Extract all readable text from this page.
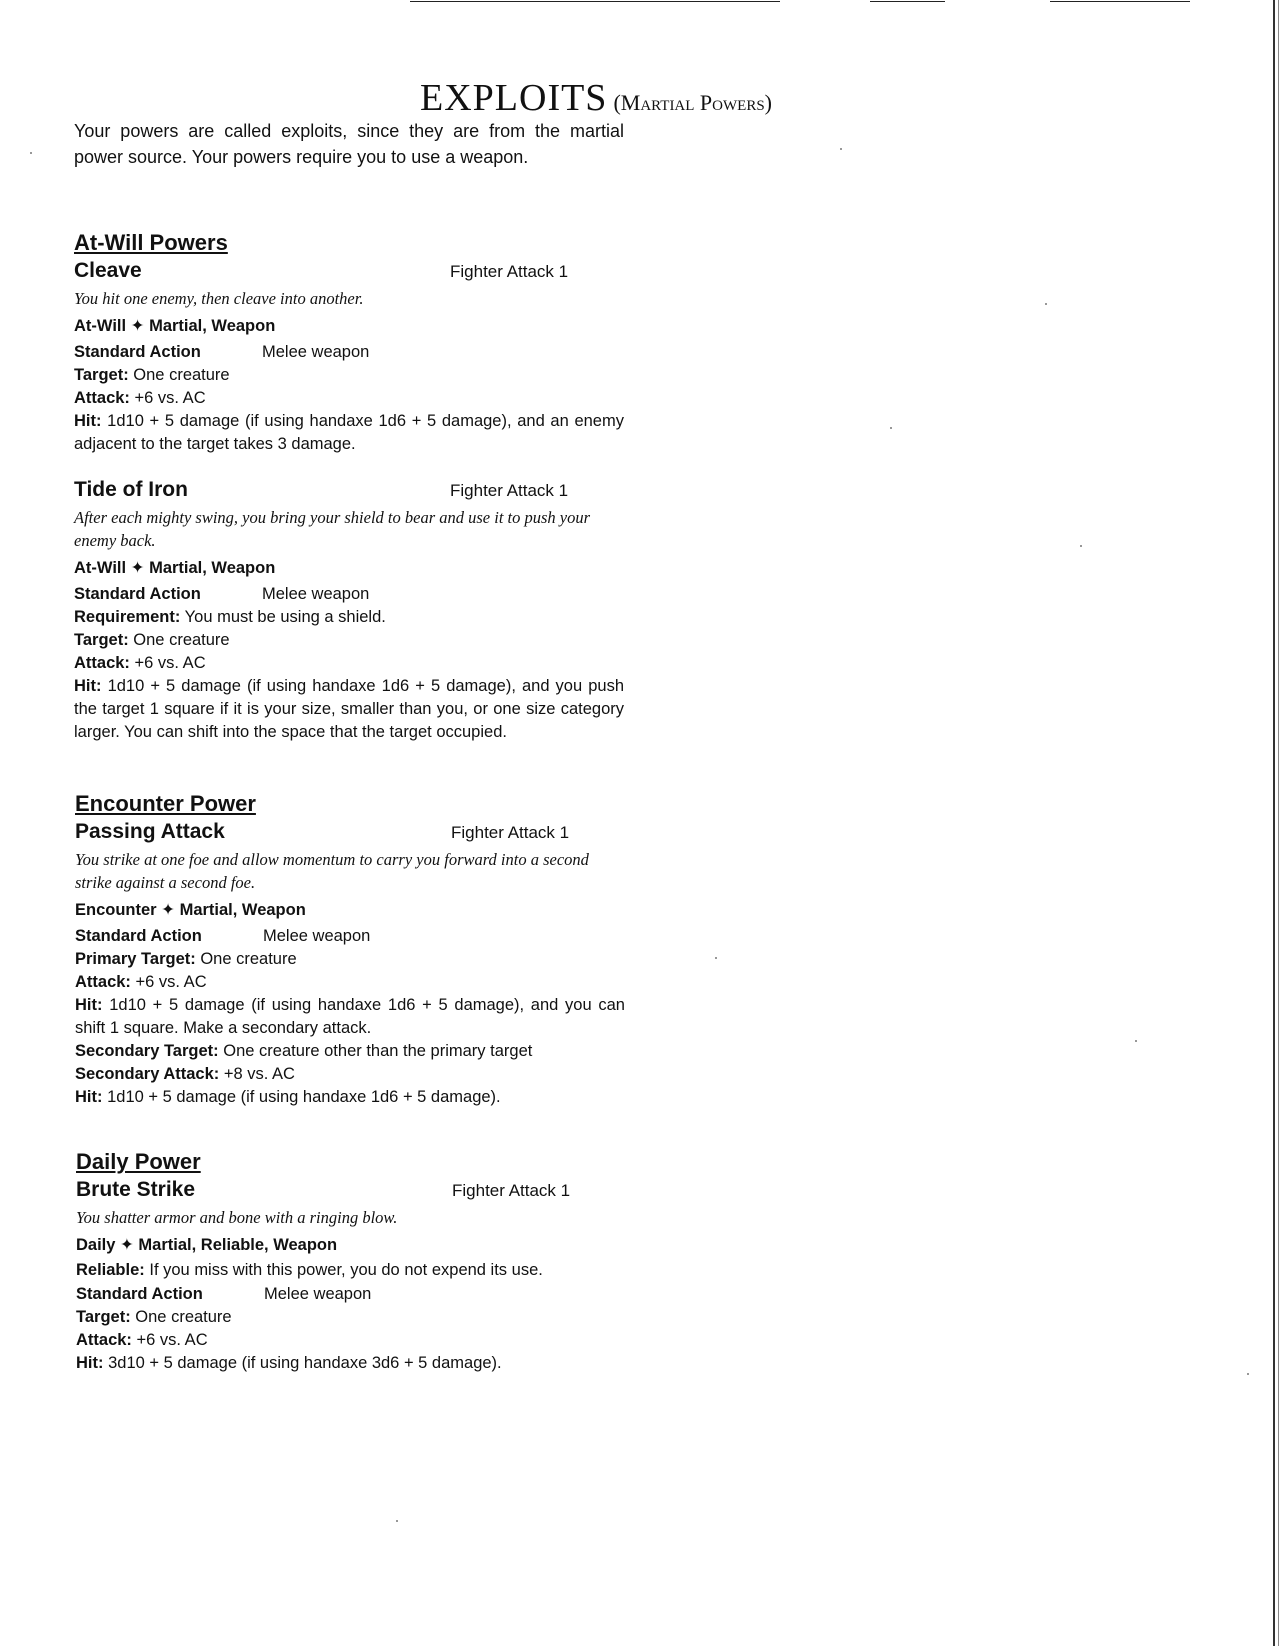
EXPLOITS (Martial Powers)

Your powers are called exploits, since they are from the martial power source. Your powers require you to use a weapon.

At-Will Powers
Cleave	Fighter Attack 1

You hit one enemy, then cleave into another.

At-Will ✦ Martial, Weapon
Standard Action	Melee weapon
Target: One creature
Attack: +6 vs. AC
Hit: 1d10 + 5 damage (if using handaxe 1d6 + 5 damage), and an enemy adjacent to the target takes 3 damage.
Tide of Iron	Fighter Attack 1

After each mighty swing, you bring your shield to bear and use it to push your enemy back.

At-Will ✦ Martial, Weapon
Standard Action	Melee weapon
Requirement: You must be using a shield.
Target: One creature
Attack: +6 vs. AC
Hit: 1d10 + 5 damage (if using handaxe 1d6 + 5 damage), and you push the target 1 square if it is your size, smaller than you, or one size category larger. You can shift into the space that the target occupied.
Encounter Power
Passing Attack	Fighter Attack 1

You strike at one foe and allow momentum to carry you forward into a second strike against a second foe.

Encounter ✦ Martial, Weapon
Standard Action	Melee weapon
Primary Target: One creature
Attack: +6 vs. AC
Hit: 1d10 + 5 damage (if using handaxe 1d6 + 5 damage), and you can shift 1 square. Make a secondary attack.
Secondary Target: One creature other than the primary target
Secondary Attack: +8 vs. AC
Hit: 1d10 + 5 damage (if using handaxe 1d6 + 5 damage).
Daily Power
Brute Strike	Fighter Attack 1

You shatter armor and bone with a ringing blow.

Daily ✦ Martial, Reliable, Weapon
Reliable: If you miss with this power, you do not expend its use.
Standard Action	Melee weapon
Target: One creature
Attack: +6 vs. AC
Hit: 3d10 + 5 damage (if using handaxe 3d6 + 5 damage).
